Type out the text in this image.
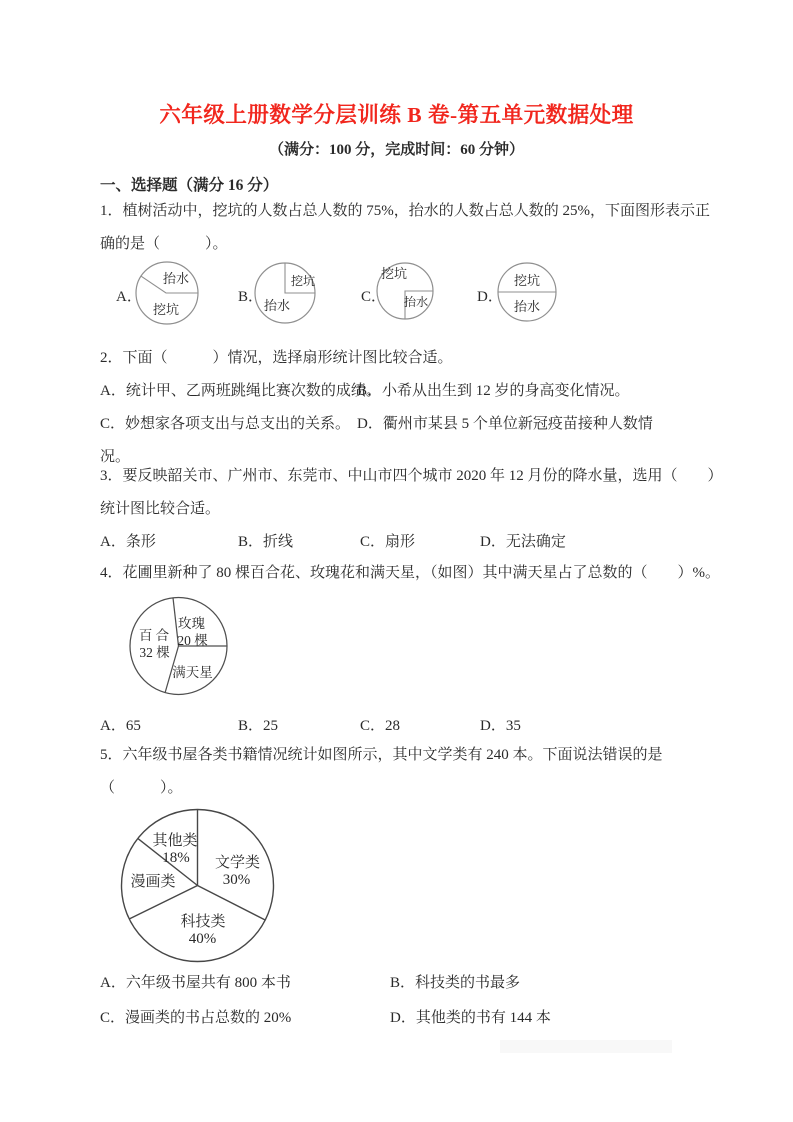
六年级上册数学分层训练 B 卷-第五单元数据处理
（满分：100 分，完成时间：60 分钟）
一、选择题（满分 16 分）
1．植树活动中，挖坑的人数占总人数的 75%，抬水的人数占总人数的 25%，下面图形表示正
确的是（　　　）。
A．	B．	C．	D．
抬水
挖坑
挖坑
抬水
挖坑
抬水
挖坑
抬水
2．下面（　　　）情况，选择扇形统计图比较合适。
A．统计甲、乙两班跳绳比赛次数的成绩。
B．小希从出生到 12 岁的身高变化情况。
C．妙想家各项支出与总支出的关系。 D．衢州市某县 5 个单位新冠疫苗接种人数情
况。
3．要反映韶关市、广州市、东莞市、中山市四个城市 2020 年 12 月份的降水量，选用（　　）
统计图比较合适。
A．条形	B．折线	C．扇形	D．无法确定
4．花圃里新种了 80 棵百合花、玫瑰花和满天星，（如图）其中满天星占了总数的（　　）%。
玫瑰
20 棵
百 合
32 棵
满天星
A．65	B．25	C．28	D．35
5．六年级书屋各类书籍情况统计如图所示，其中文学类有 240 本。下面说法错误的是
（　　　）。
其他类
18% 文学类
30%
漫画类
科技类
40%
A．六年级书屋共有 800 本书	B．科技类的书最多
C．漫画类的书占总数的 20%	D．其他类的书有 144 本
